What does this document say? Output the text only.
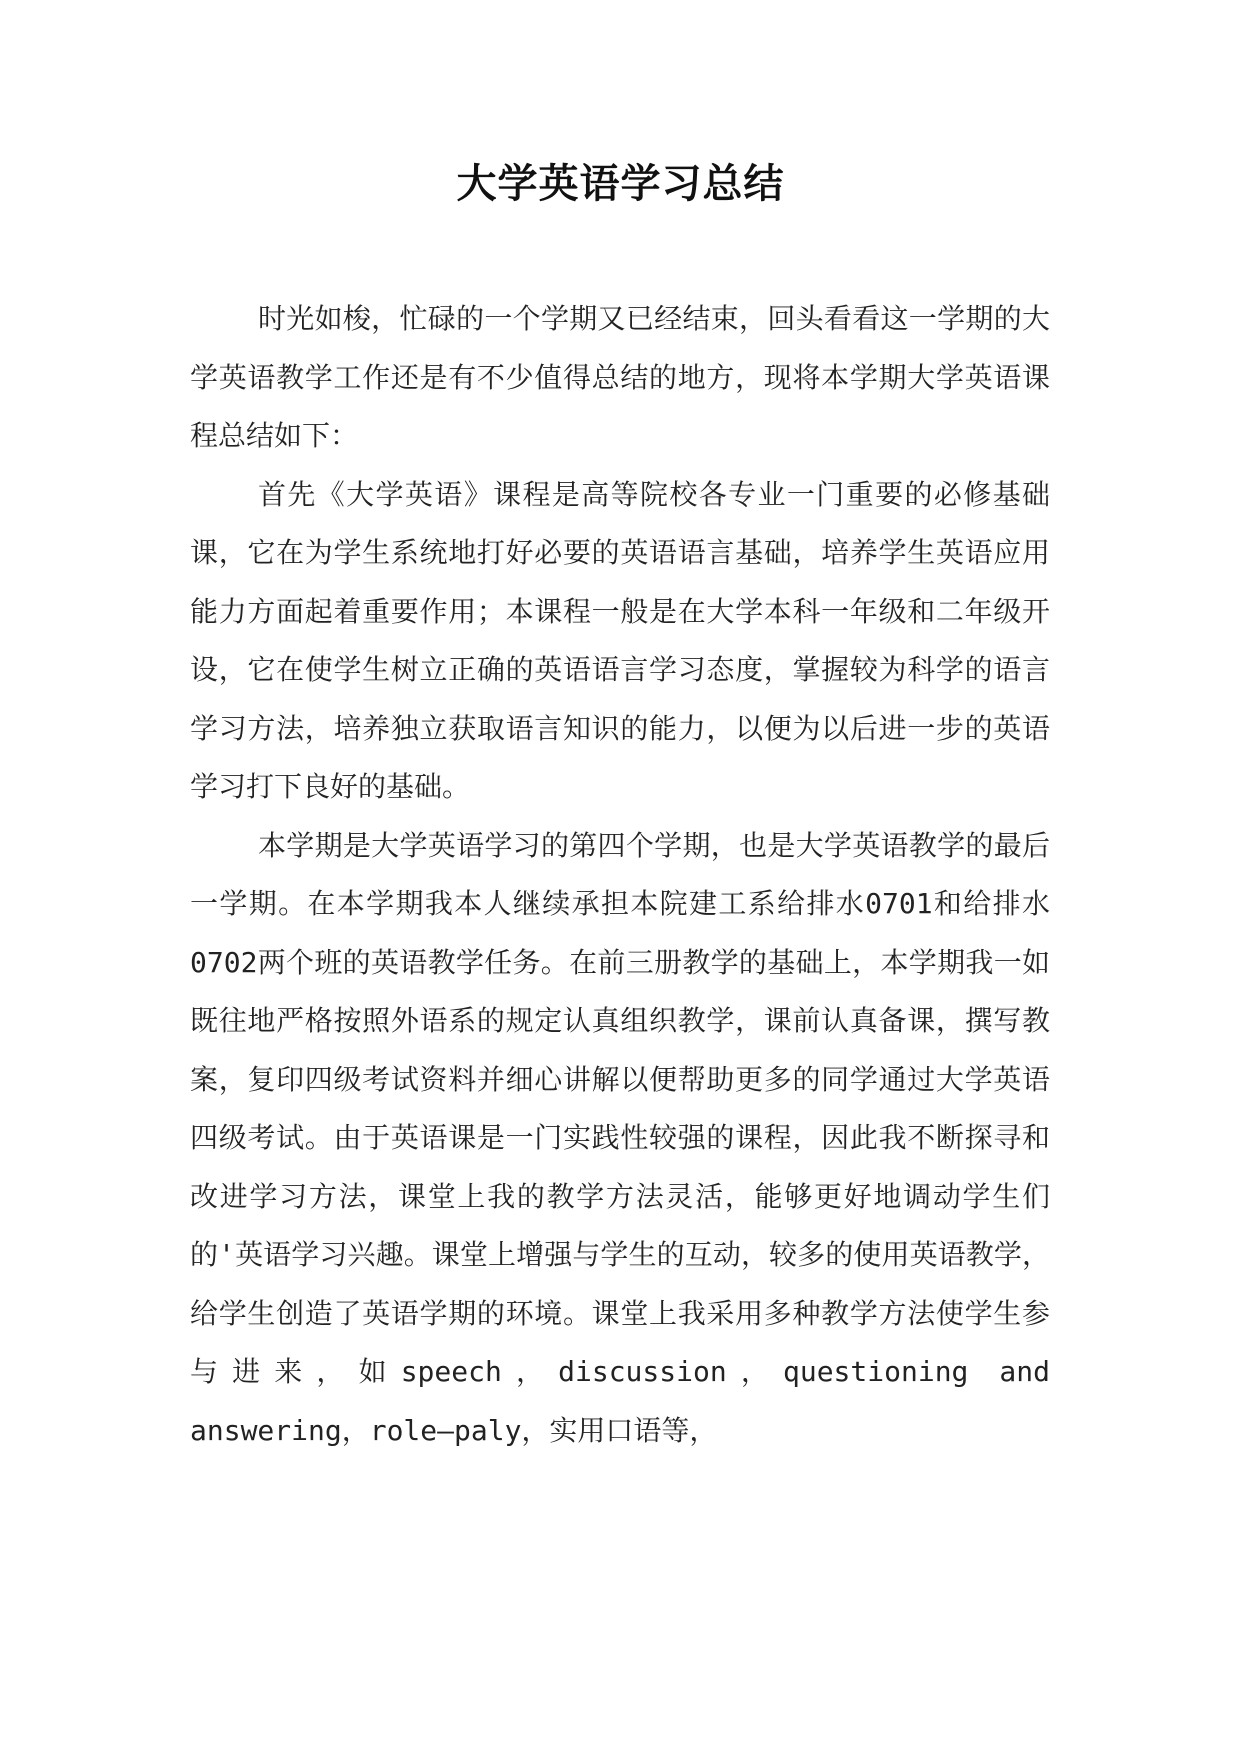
大学英语学习总结

时光如梭，忙碌的一个学期又已经结束，回头看看这一学期的大学英语教学工作还是有不少值得总结的地方，现将本学期大学英语课程总结如下：

首先《大学英语》课程是高等院校各专业一门重要的必修基础课，它在为学生系统地打好必要的英语语言基础，培养学生英语应用能力方面起着重要作用；本课程一般是在大学本科一年级和二年级开设，它在使学生树立正确的英语语言学习态度，掌握较为科学的语言学习方法，培养独立获取语言知识的能力，以便为以后进一步的英语学习打下良好的基础。

本学期是大学英语学习的第四个学期，也是大学英语教学的最后一学期。在本学期我本人继续承担本院建工系给排水0701和给排水0702两个班的英语教学任务。在前三册教学的基础上，本学期我一如既往地严格按照外语系的规定认真组织教学，课前认真备课，撰写教案，复印四级考试资料并细心讲解以便帮助更多的同学通过大学英语四级考试。由于英语课是一门实践性较强的课程，因此我不断探寻和改进学习方法，课堂上我的教学方法灵活，能够更好地调动学生们的'英语学习兴趣。课堂上增强与学生的互动，较多的使用英语教学，给学生创造了英语学期的环境。课堂上我采用多种教学方法使学生参与进来，如speech，discussion，questioning and answering，role—paly，实用口语等，
